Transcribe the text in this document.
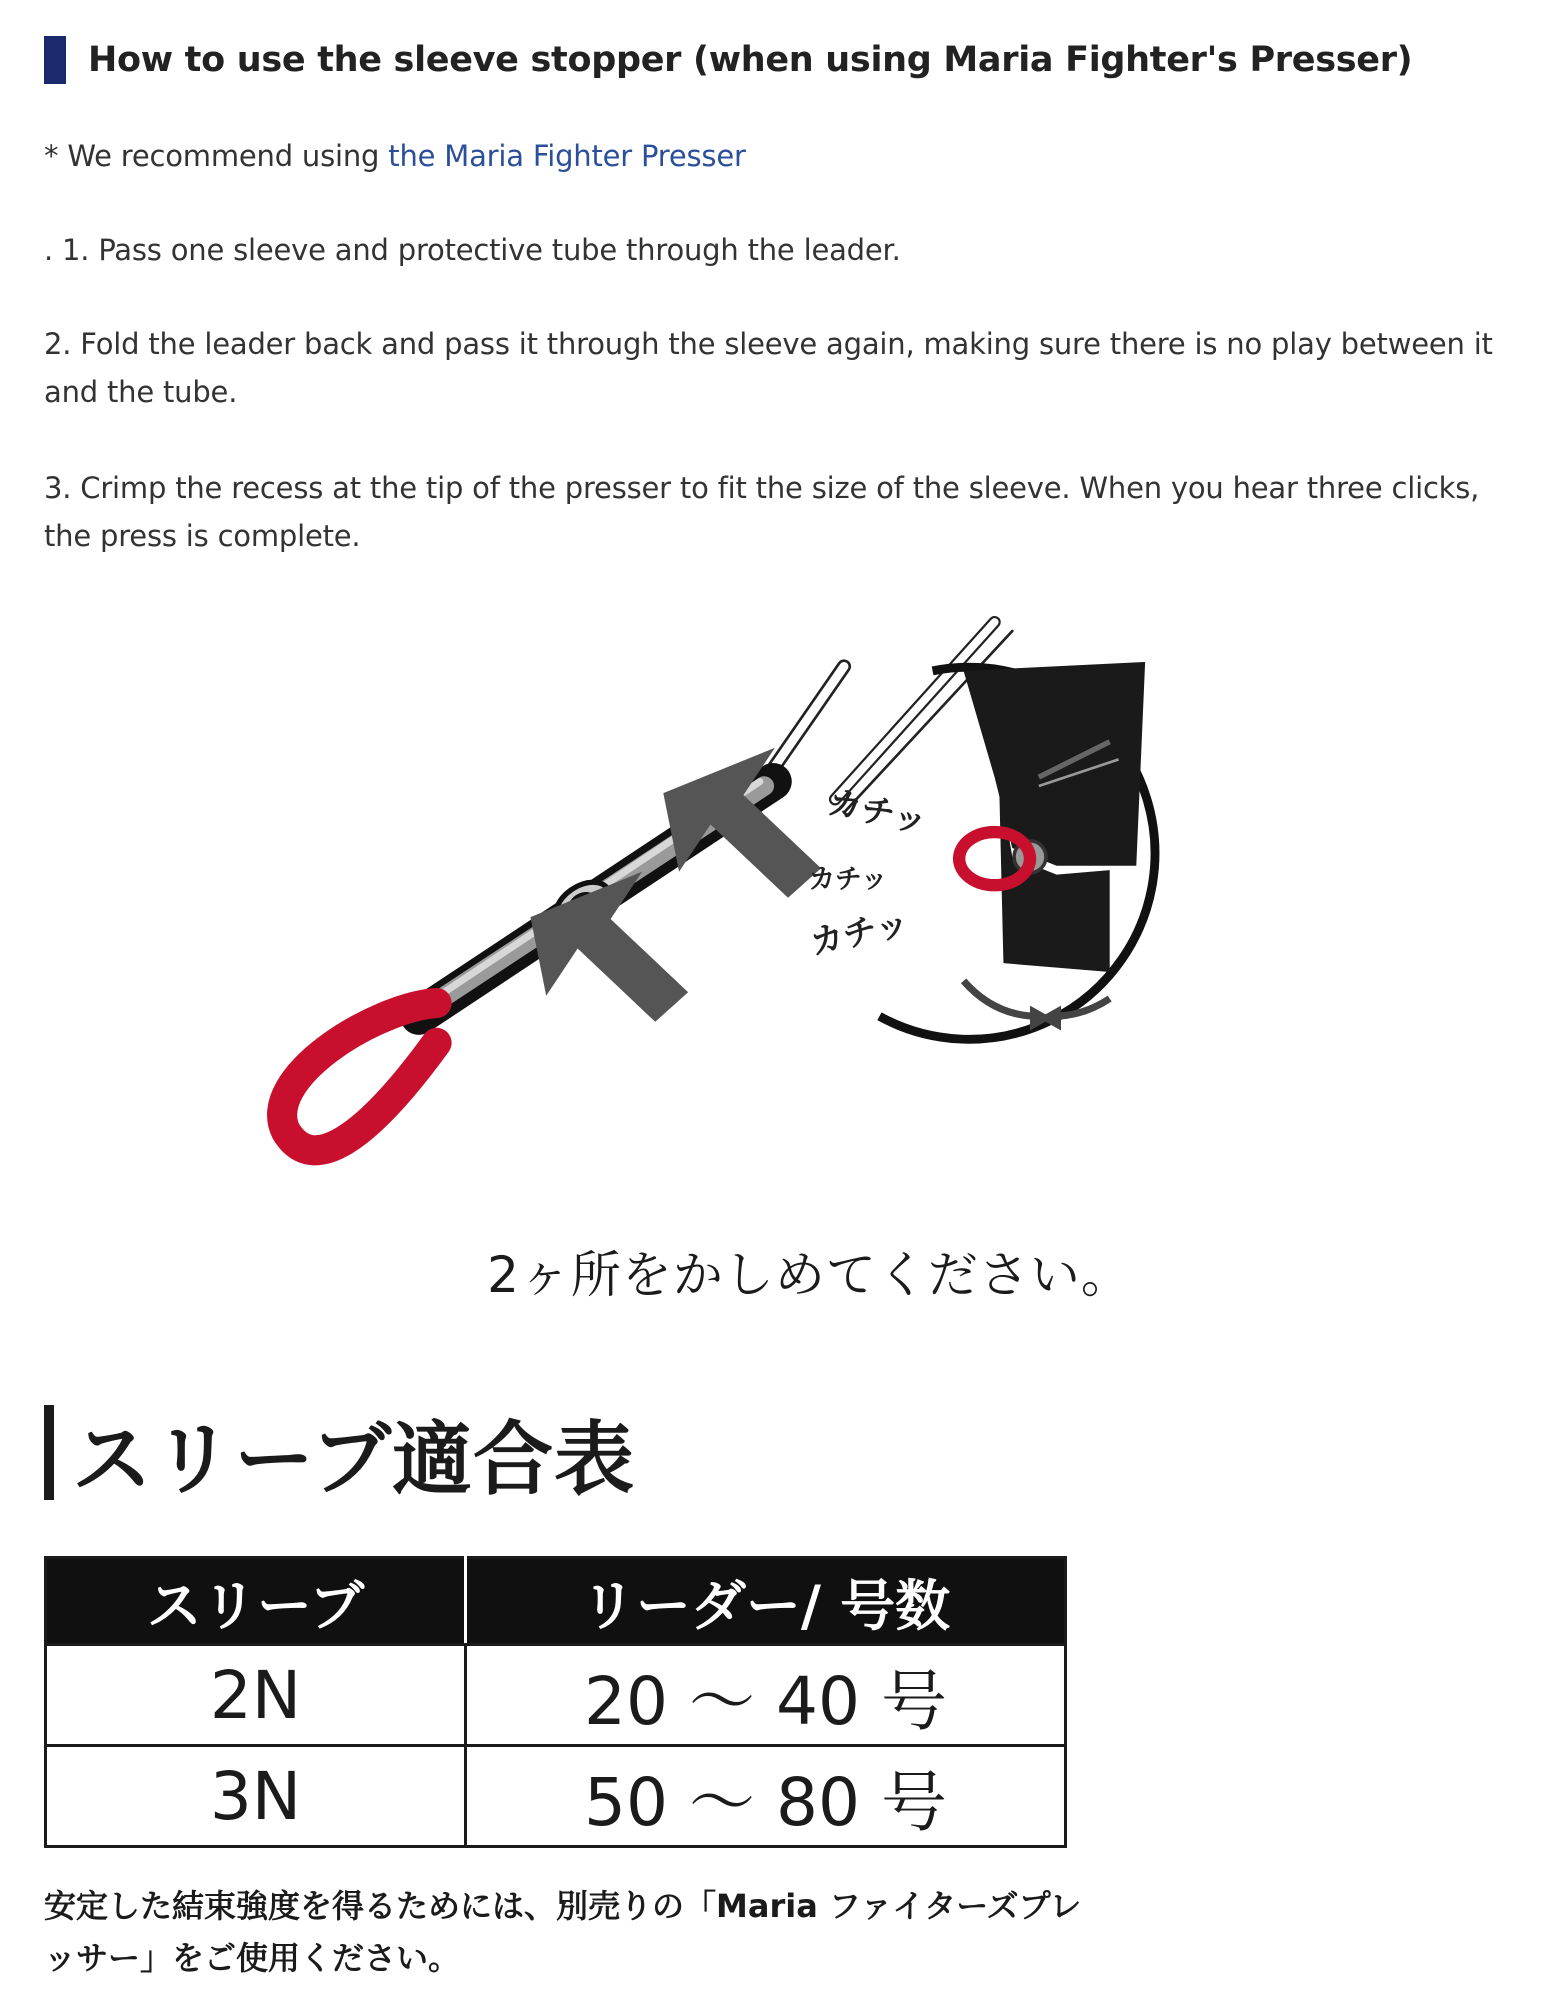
How to use the sleeve stopper (when using Maria Fighter's Presser)
* We recommend using the Maria Fighter Presser
. 1. Pass one sleeve and protective tube through the leader.
2. Fold the leader back and pass it through the sleeve again, making sure there is no play between it and the tube.
3. Crimp the recess at the tip of the presser to fit the size of the sleeve. When you hear three clicks, the press is complete.
カチッ
カチッ
カチッ
2ヶ所をかしめてください。
スリーブ適合表
スリーブ	リーダー/ 号数
2N	20 ～ 40 号
3N	50 ～ 80 号
安定した結束強度を得るためには、別売りの「Maria ファイターズプレッサー」をご使用ください。
